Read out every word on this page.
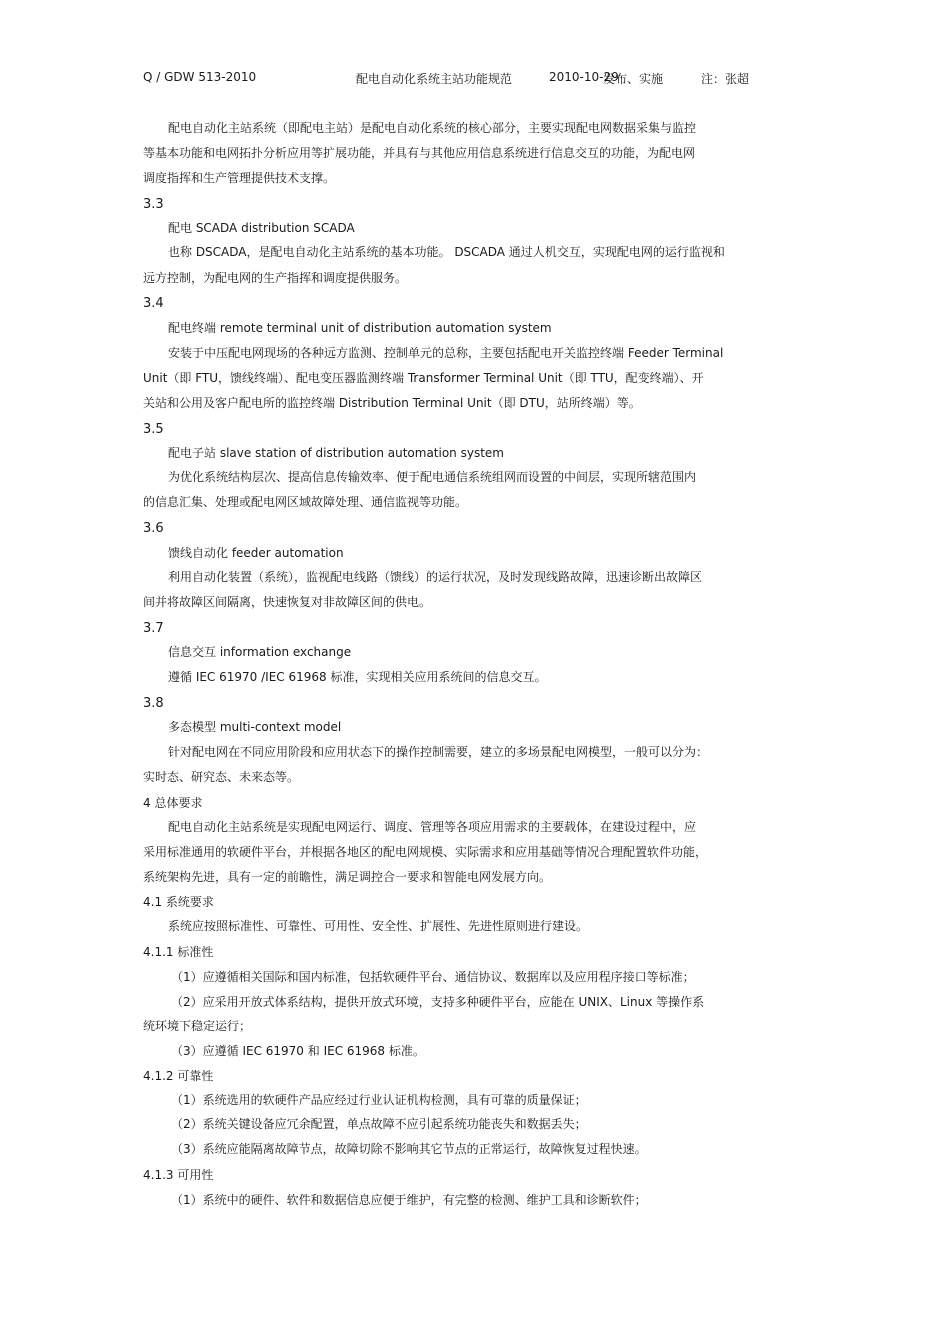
Q / GDW 513-2010	配电自动化系统主站功能规范	2010-10-29
发布、实施	注：张超
配电自动化主站系统（即配电主站）是配电自动化系统的核心部分，主要实现配电网数据采集与监控
等基本功能和电网拓扑分析应用等扩展功能，并具有与其他应用信息系统进行信息交互的功能，为配电网
调度指挥和生产管理提供技术支撑。
3.3
配电 SCADA distribution SCADA
也称 DSCADA，是配电自动化主站系统的基本功能。 DSCADA 通过人机交互，实现配电网的运行监视和
远方控制，为配电网的生产指挥和调度提供服务。
3.4
配电终端 remote terminal unit of distribution automation system
安装于中压配电网现场的各种远方监测、控制单元的总称，主要包括配电开关监控终端 Feeder Terminal
Unit（即 FTU，馈线终端）、配电变压器监测终端 Transformer Terminal Unit（即 TTU，配变终端）、开
关站和公用及客户配电所的监控终端 Distribution Terminal Unit（即 DTU，站所终端）等。
3.5
配电子站 slave station of distribution automation system
为优化系统结构层次、提高信息传输效率、便于配电通信系统组网而设置的中间层，实现所辖范围内
的信息汇集、处理或配电网区域故障处理、通信监视等功能。
3.6
馈线自动化 feeder automation
利用自动化装置（系统），监视配电线路（馈线）的运行状况，及时发现线路故障，迅速诊断出故障区
间并将故障区间隔离，快速恢复对非故障区间的供电。
3.7
信息交互 information exchange
遵循 IEC 61970 /IEC 61968 标准，实现相关应用系统间的信息交互。
3.8
多态模型 multi-context model
针对配电网在不同应用阶段和应用状态下的操作控制需要，建立的多场景配电网模型，一般可以分为：
实时态、研究态、未来态等。
4 总体要求
配电自动化主站系统是实现配电网运行、调度、管理等各项应用需求的主要载体，在建设过程中，应
采用标准通用的软硬件平台，并根据各地区的配电网规模、实际需求和应用基础等情况合理配置软件功能，
系统架构先进，具有一定的前瞻性，满足调控合一要求和智能电网发展方向。
4.1 系统要求
系统应按照标准性、可靠性、可用性、安全性、扩展性、先进性原则进行建设。
4.1.1 标准性
（1）应遵循相关国际和国内标准，包括软硬件平台、通信协议、数据库以及应用程序接口等标准；
（2）应采用开放式体系结构，提供开放式环境，支持多种硬件平台，应能在 UNIX、Linux 等操作系
统环境下稳定运行；
（3）应遵循 IEC 61970 和 IEC 61968 标准。
4.1.2 可靠性
（1）系统选用的软硬件产品应经过行业认证机构检测，具有可靠的质量保证；
（2）系统关键设备应冗余配置，单点故障不应引起系统功能丧失和数据丢失；
（3）系统应能隔离故障节点，故障切除不影响其它节点的正常运行，故障恢复过程快速。
4.1.3 可用性
（1）系统中的硬件、软件和数据信息应便于维护，有完整的检测、维护工具和诊断软件；
